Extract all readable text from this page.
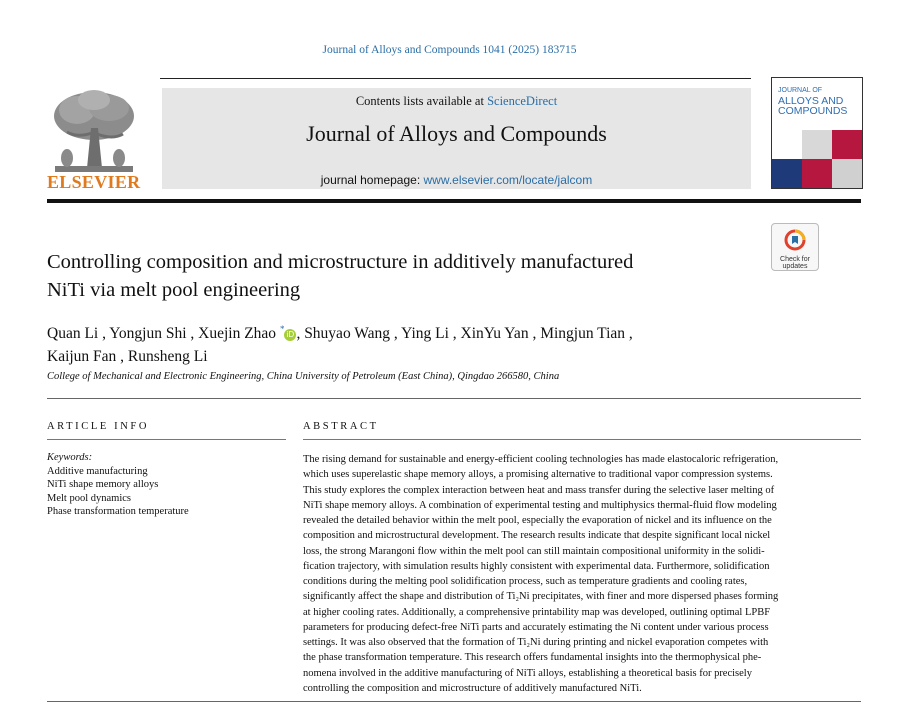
Journal of Alloys and Compounds 1041 (2025) 183715
ELSEVIER
Contents lists available at ScienceDirect
Journal of Alloys and Compounds
journal homepage: www.elsevier.com/locate/jalcom
JOURNAL OF
ALLOYS AND
COMPOUNDS
Controlling composition and microstructure in additively manufactured
NiTi via melt pool engineering
Check for
updates
Quan Li , Yongjun Shi , Xuejin Zhao *iD , Shuyao Wang , Ying Li , XinYu Yan , Mingjun Tian ,
Kaijun Fan , Runsheng Li
College of Mechanical and Electronic Engineering, China University of Petroleum (East China), Qingdao 266580, China
ARTICLE INFO
Keywords:
Additive manufacturing
NiTi shape memory alloys
Melt pool dynamics
Phase transformation temperature
ABSTRACT
The rising demand for sustainable and energy-efficient cooling technologies has made elastocaloric refrigeration,
which uses superelastic shape memory alloys, a promising alternative to traditional vapor compression systems.
This study explores the complex interaction between heat and mass transfer during the selective laser melting of
NiTi shape memory alloys. A combination of experimental testing and multiphysics thermal-fluid flow modeling
revealed the detailed behavior within the melt pool, especially the evaporation of nickel and its influence on the
composition and microstructural development. The research results indicate that despite significant local nickel
loss, the strong Marangoni flow within the melt pool can still maintain compositional uniformity in the solidi-
fication trajectory, with simulation results highly consistent with experimental data. Furthermore, solidification
conditions during the melting pool solidification process, such as temperature gradients and cooling rates,
significantly affect the shape and distribution of Ti₂Ni precipitates, with finer and more dispersed phases forming
at higher cooling rates. Additionally, a comprehensive printability map was developed, outlining optimal LPBF
parameters for producing defect-free NiTi parts and accurately estimating the Ni content under various process
settings. It was also observed that the formation of Ti₂Ni during printing and nickel evaporation competes with
the phase transformation temperature. This research offers fundamental insights into the thermophysical phe-
nomena involved in the additive manufacturing of NiTi alloys, establishing a theoretical basis for precisely
controlling the composition and microstructure of additively manufactured NiTi.
